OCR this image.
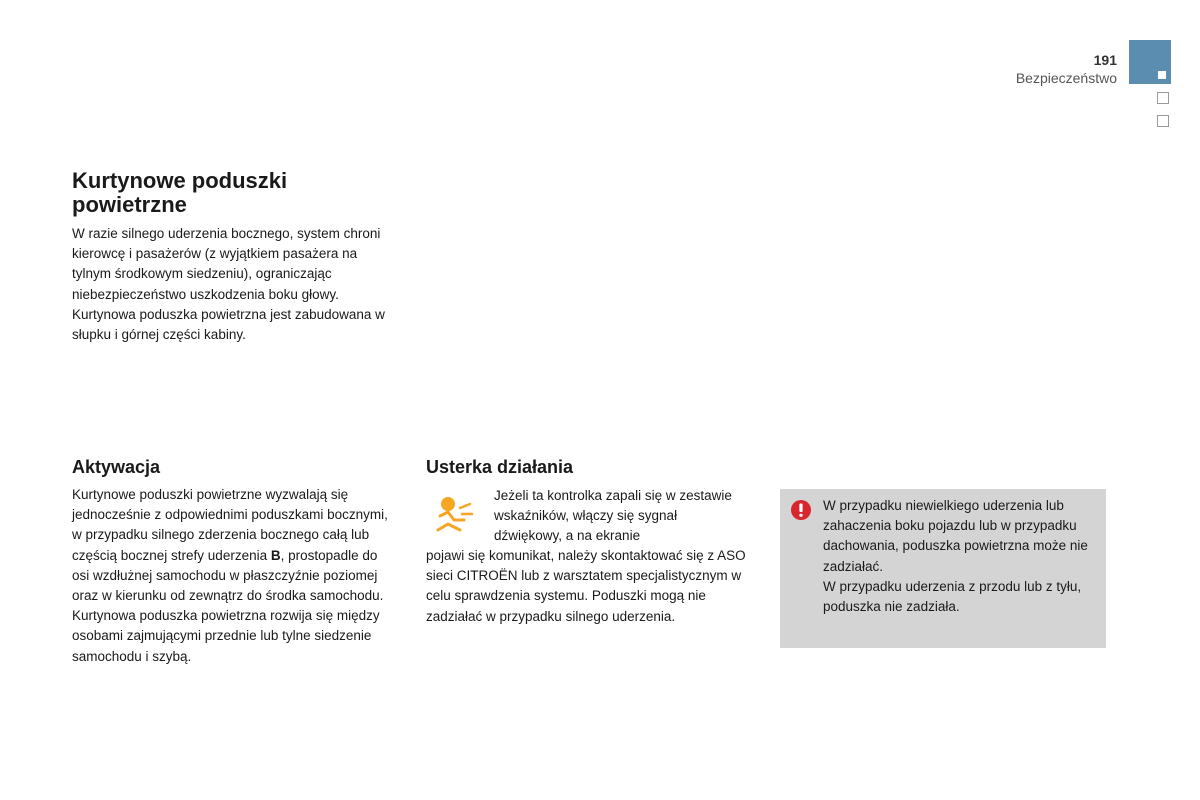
191
Bezpieczeństwo
Kurtynowe poduszki powietrzne
W razie silnego uderzenia bocznego, system chroni kierowcę i pasażerów (z wyjątkiem pasażera na tylnym środkowym siedzeniu), ograniczając niebezpieczeństwo uszkodzenia boku głowy.
Kurtynowa poduszka powietrzna jest zabudowana w słupku i górnej części kabiny.
Aktywacja
Kurtynowe poduszki powietrzne wyzwalają się jednocześnie z odpowiednimi poduszkami bocznymi, w przypadku silnego zderzenia bocznego całą lub częścią bocznej strefy uderzenia B, prostopadle do osi wzdłużnej samochodu w płaszczyźnie poziomej oraz w kierunku od zewnątrz do środka samochodu.
Kurtynowa poduszka powietrzna rozwija się między osobami zajmującymi przednie lub tylne siedzenie samochodu i szybą.
Usterka działania
Jeżeli ta kontrolka zapali się w zestawie wskaźników, włączy się sygnał dźwiękowy, a na ekranie
pojawi się komunikat, należy skontaktować się z ASO sieci CITROËN lub z warsztatem specjalistycznym w celu sprawdzenia systemu. Poduszki mogą nie zadziałać w przypadku silnego uderzenia.
W przypadku niewielkiego uderzenia lub zahaczenia boku pojazdu lub w przypadku dachowania, poduszka powietrzna może nie zadziałać.
W przypadku uderzenia z przodu lub z tyłu, poduszka nie zadziała.
